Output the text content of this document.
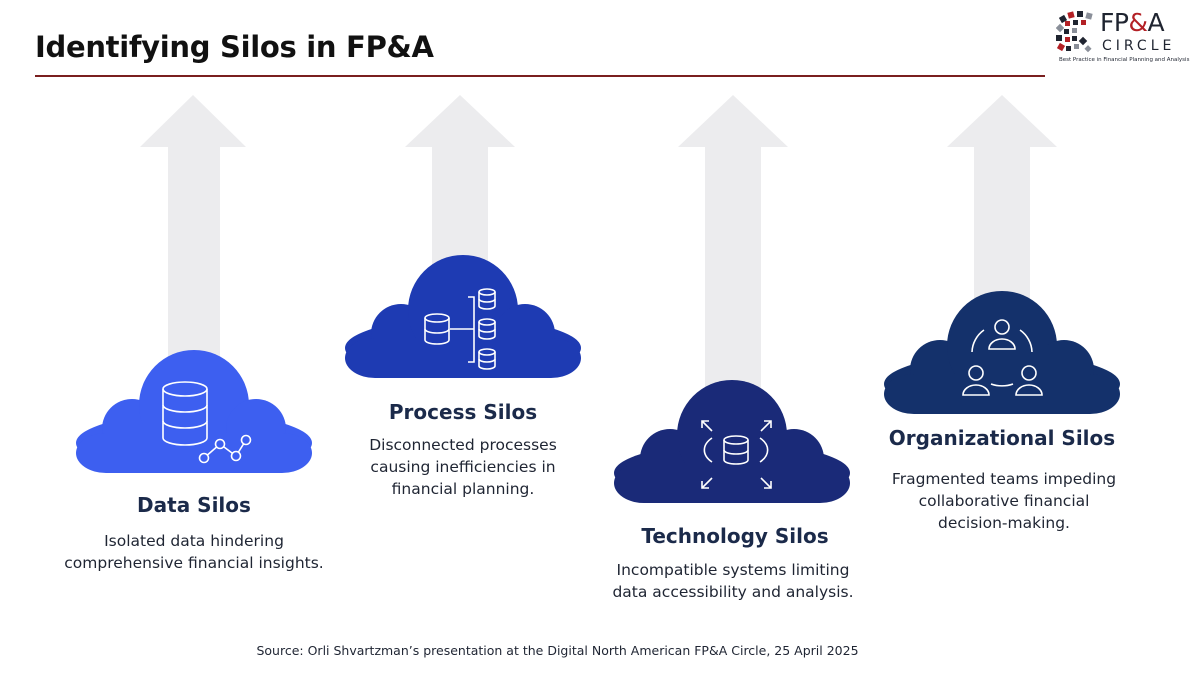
Identifying Silos in FP&A
FP&A
CIRCLE
Best Practice in Financial Planning and Analysis
Data Silos
Isolated data hindering
comprehensive financial insights.
Process Silos
Disconnected processes
causing inefficiencies in
financial planning.
Technology Silos
Incompatible systems limiting
data accessibility and analysis.
Organizational Silos
Fragmented teams impeding
collaborative financial
decision-making.
Source: Orli Shvartzman’s presentation at the Digital North American FP&A Circle, 25 April 2025
